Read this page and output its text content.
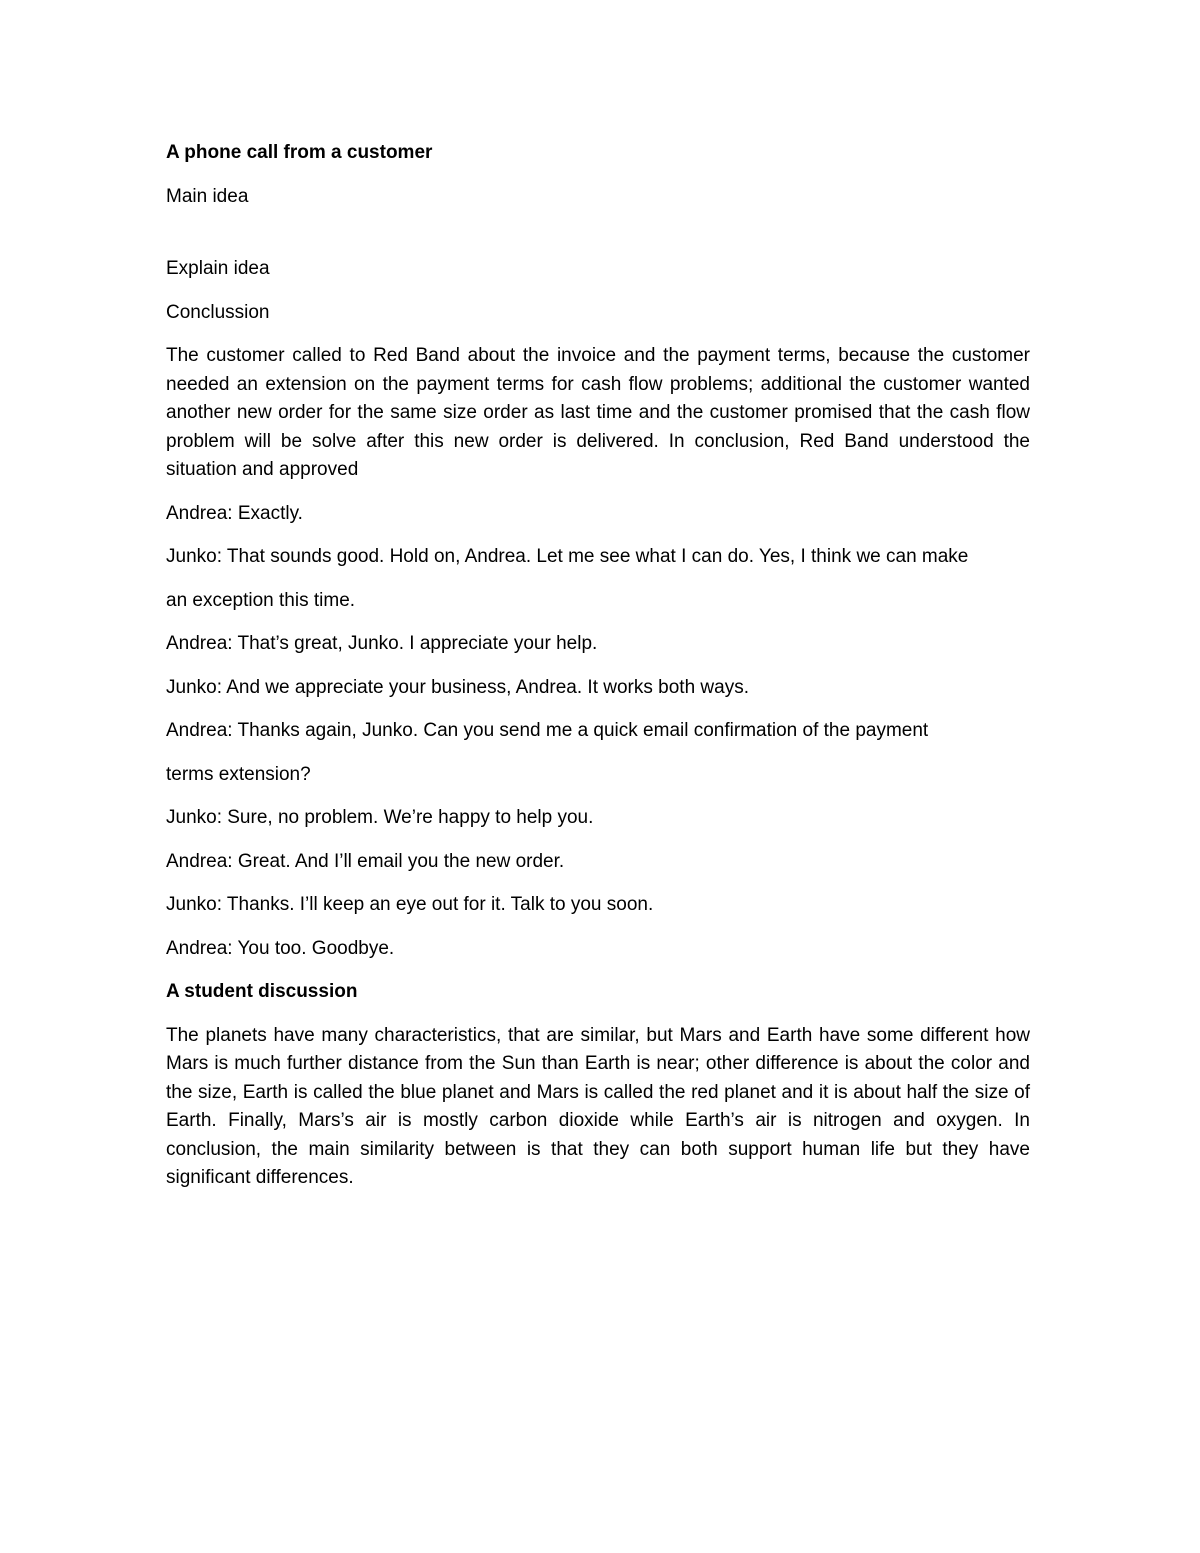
A phone call from a customer

Main idea

Explain idea

Conclussion

The customer called to Red Band about the invoice and the payment terms, because the customer needed an extension on the payment terms for cash flow problems; additional the customer wanted another new order for the same size order as last time and the customer promised that the cash flow problem will be solve after this new order is delivered. In conclusion, Red Band understood the situation and approved

Andrea: Exactly.

Junko: That sounds good. Hold on, Andrea. Let me see what I can do. Yes, I think we can make

an exception this time.

Andrea: That’s great, Junko. I appreciate your help.

Junko: And we appreciate your business, Andrea. It works both ways.

Andrea: Thanks again, Junko. Can you send me a quick email confirmation of the payment

terms extension?

Junko: Sure, no problem. We’re happy to help you.

Andrea: Great. And I’ll email you the new order.

Junko: Thanks. I’ll keep an eye out for it. Talk to you soon.

Andrea: You too. Goodbye.

A student discussion

The planets have many characteristics, that are similar, but Mars and Earth have some different how Mars is much further distance from the Sun than Earth is near; other difference is about the color and the size, Earth is called the blue planet and Mars is called the red planet and it is about half the size of Earth. Finally, Mars’s air is mostly carbon dioxide while Earth’s air is nitrogen and oxygen. In conclusion, the main similarity between is that they can both support human life but they have significant differences.
